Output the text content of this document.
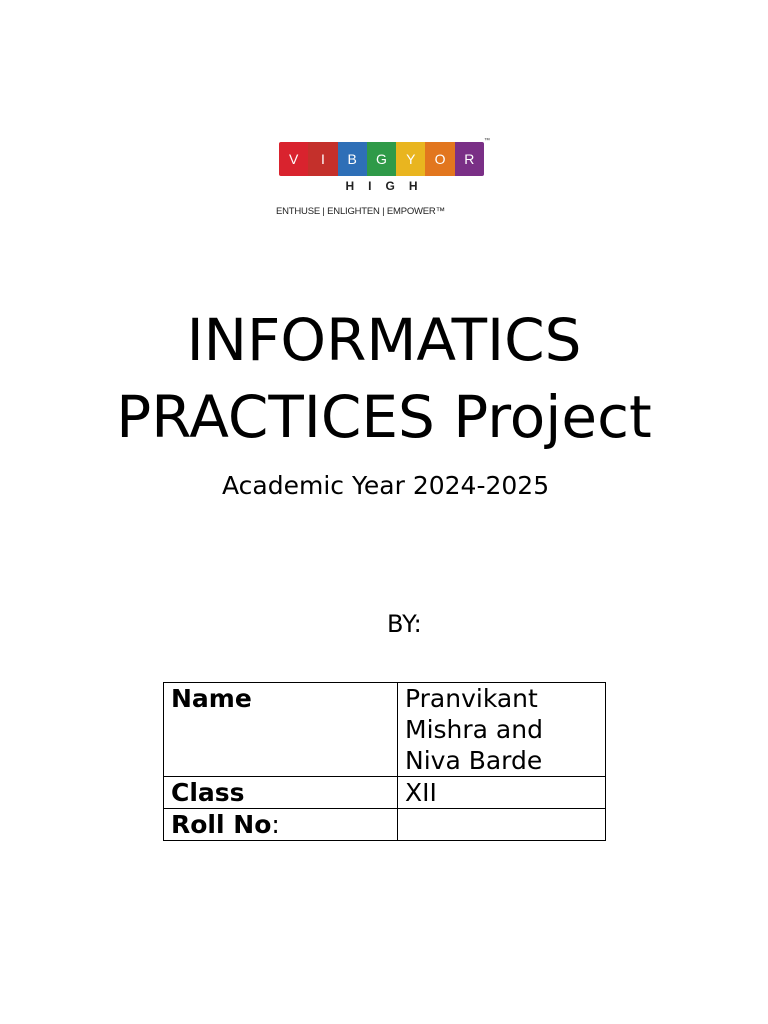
V	I	B	G	Y	O	R
™
HIGH
ENTHUSE | ENLIGHTEN | EMPOWER™
INFORMATICS
PRACTICES Project
Academic Year 2024-2025
BY:
Name	Pranvikant
Mishra and
Niva Barde
Class	XII
Roll No:	
